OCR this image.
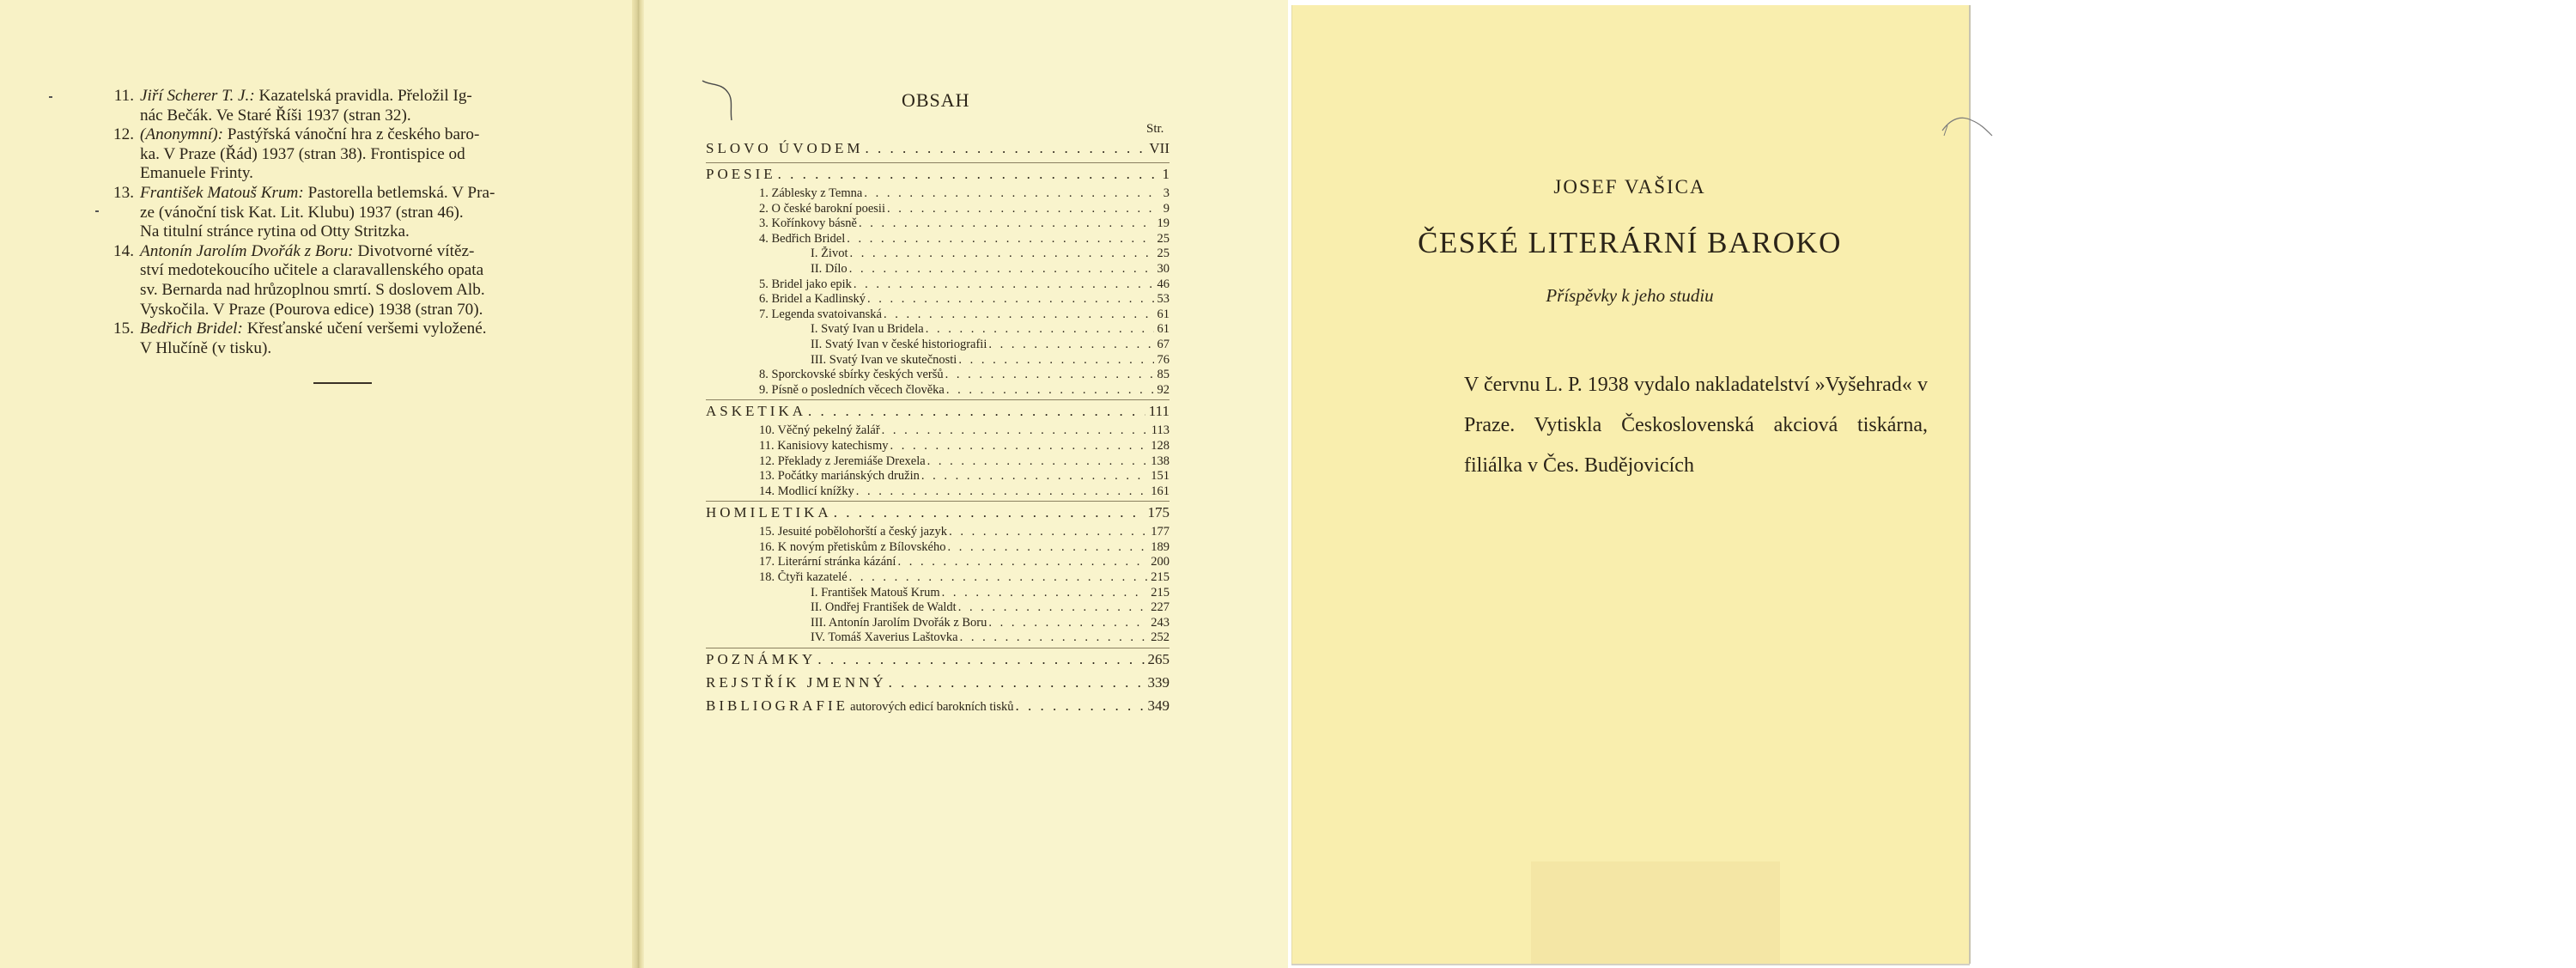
11. Jiří Scherer T. J.: Kazatelská pravidla. Přeložil Ig-
nác Bečák. Ve Staré Říši 1937 (stran 32).
12. (Anonymní): Pastýřská vánoční hra z českého baro-
ka. V Praze (Řád) 1937 (stran 38). Frontispice od
Emanuele Frinty.
13. František Matouš Krum: Pastorella betlemská. V Pra-
ze (vánoční tisk Kat. Lit. Klubu) 1937 (stran 46).
Na titulní stránce rytina od Otty Stritzka.
14. Antonín Jarolím Dvořák z Boru: Divotvorné vítěz-
ství medotekoucího učitele a claravallenského opata
sv. Bernarda nad hrůzoplnou smrtí. S doslovem Alb.
Vyskočila. V Praze (Pourova edice) 1938 (stran 70).
15. Bedřich Bridel: Křesťanské učení veršemi vyložené.
V Hlučíně (v tisku).
OBSAH
Str.
SLOVO ÚVODEM . . .	VII
POESIE . . .	1
1. Záblesky z Temna . . .	3
2. O české barokní poesii . . .	9
3. Kořínkovy básně . . .	19
4. Bedřich Bridel . . .	25
I. Život . . .	25
II. Dílo . . .	30
5. Bridel jako epik . . .	46
6. Bridel a Kadlinský . . .	53
7. Legenda svatoivanská . . .	61
I. Svatý Ivan u Bridela . . .	61
II. Svatý Ivan v české historiografii . . .	67
III. Svatý Ivan ve skutečnosti . . .	76
8. Sporckovské sbírky českých veršů . . .	85
9. Písně o posledních věcech člověka . . .	92
ASKETIKA . . .	111
10. Věčný pekelný žalář . . .	113
11. Kanisiovy katechismy . . .	128
12. Překlady z Jeremiáše Drexela . . .	138
13. Počátky mariánských družin . . .	151
14. Modlicí knížky . . .	161
HOMILETIKA . . .	175
15. Jesuité pobělohorští a český jazyk . . .	177
16. K novým přetiskům z Bílovského . . .	189
17. Literární stránka kázání . . .	200
18. Čtyři kazatelé . . .	215
I. František Matouš Krum . . .	215
II. Ondřej František de Waldt . . .	227
III. Antonín Jarolím Dvořák z Boru . . .	243
IV. Tomáš Xaverius Laštovka . . .	252
POZNÁMKY . . .	265
REJSTŘÍK JMENNÝ . . .	339
BIBLIOGRAFIE autorových edicí barokních tisků . . .	349
JOSEF VAŠICA
ČESKÉ LITERÁRNÍ BAROKO
Příspěvky k jeho studiu
V červnu L. P. 1938 vydalo nakladatelství »Vyšehrad« v Praze. Vytiskla Československá akciová tiskárna, filiálka v Čes. Budějovicích
